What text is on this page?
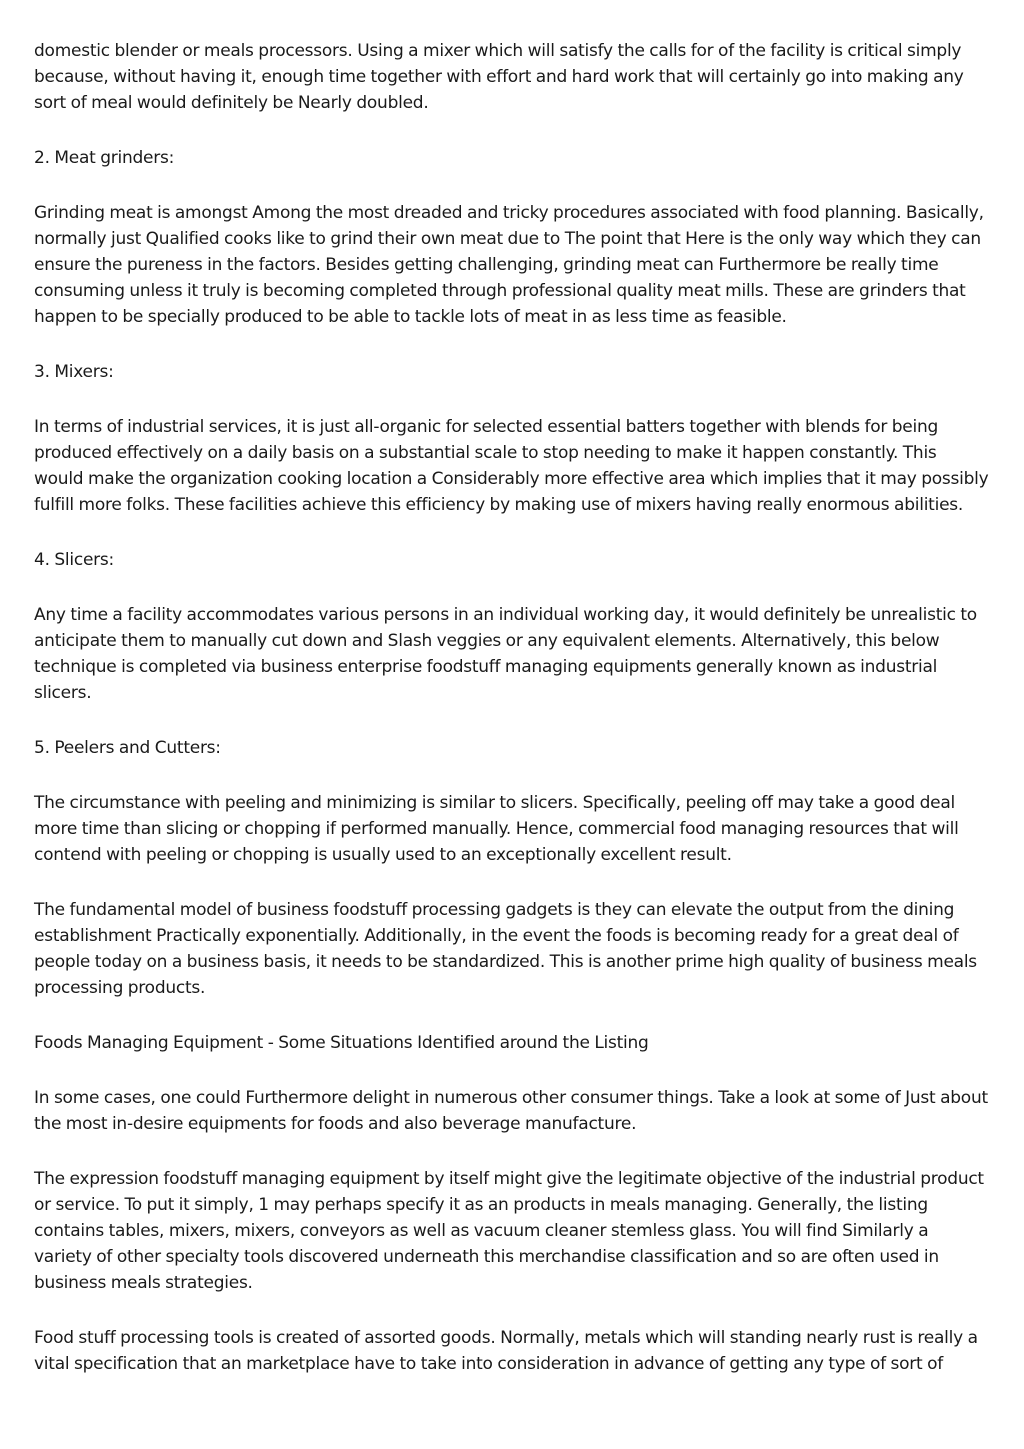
domestic blender or meals processors. Using a mixer which will satisfy the calls for of the facility is critical simply because, without having it, enough time together with effort and hard work that will certainly go into making any sort of meal would definitely be Nearly doubled.

2. Meat grinders:

Grinding meat is amongst Among the most dreaded and tricky procedures associated with food planning. Basically, normally just Qualified cooks like to grind their own meat due to The point that Here is the only way which they can ensure the pureness in the factors. Besides getting challenging, grinding meat can Furthermore be really time consuming unless it truly is becoming completed through professional quality meat mills. These are grinders that happen to be specially produced to be able to tackle lots of meat in as less time as feasible.

3. Mixers:

In terms of industrial services, it is just all-organic for selected essential batters together with blends for being produced effectively on a daily basis on a substantial scale to stop needing to make it happen constantly. This would make the organization cooking location a Considerably more effective area which implies that it may possibly fulfill more folks. These facilities achieve this efficiency by making use of mixers having really enormous abilities.

4. Slicers:

Any time a facility accommodates various persons in an individual working day, it would definitely be unrealistic to anticipate them to manually cut down and Slash veggies or any equivalent elements. Alternatively, this below technique is completed via business enterprise foodstuff managing equipments generally known as industrial slicers.

5. Peelers and Cutters:

The circumstance with peeling and minimizing is similar to slicers. Specifically, peeling off may take a good deal more time than slicing or chopping if performed manually. Hence, commercial food managing resources that will contend with peeling or chopping is usually used to an exceptionally excellent result.

The fundamental model of business foodstuff processing gadgets is they can elevate the output from the dining establishment Practically exponentially. Additionally, in the event the foods is becoming ready for a great deal of people today on a business basis, it needs to be standardized. This is another prime high quality of business meals processing products.

Foods Managing Equipment - Some Situations Identified around the Listing

In some cases, one could Furthermore delight in numerous other consumer things. Take a look at some of Just about the most in-desire equipments for foods and also beverage manufacture.

The expression foodstuff managing equipment by itself might give the legitimate objective of the industrial product or service. To put it simply, 1 may perhaps specify it as an products in meals managing. Generally, the listing contains tables, mixers, mixers, conveyors as well as vacuum cleaner stemless glass. You will find Similarly a variety of other specialty tools discovered underneath this merchandise classification and so are often used in business meals strategies.

Food stuff processing tools is created of assorted goods. Normally, metals which will standing nearly rust is really a vital specification that an marketplace have to take into consideration in advance of getting any type of sort of
